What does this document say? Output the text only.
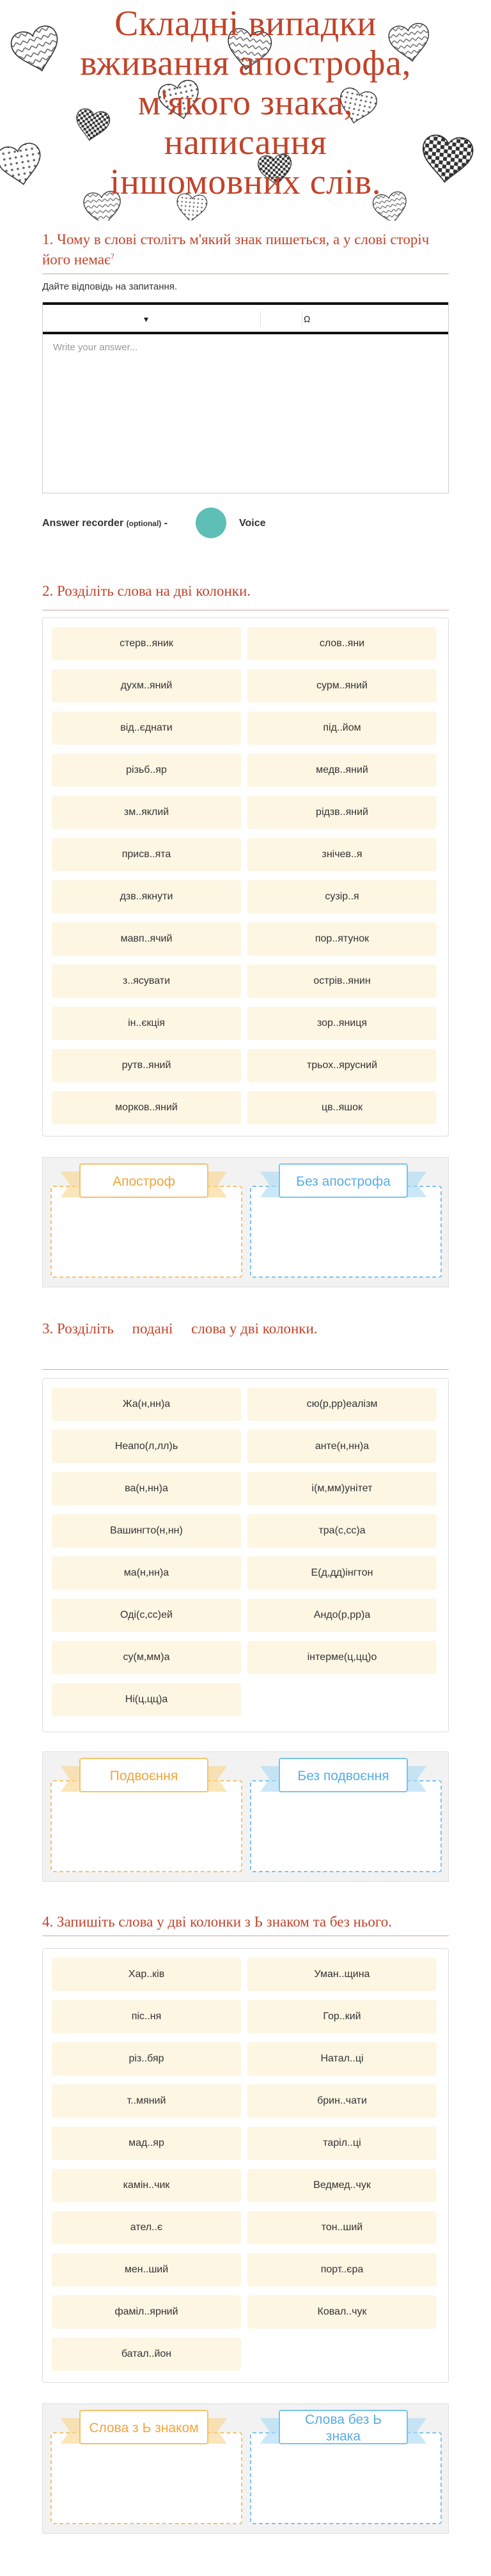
Складні випадки
вживання апострофа,
м'якого знака,
написання
іншомовних слів.
1. Чому в слові столітъ м'який знак пишеться, а у слові сторіч його немає?
Дайте відповідь на запитання.
▾	Ω
Write your answer...
Answer recorder (optional) -	Voice
2. Розділіть слова на дві колонки.
стерв..яник	слов..яни
духм..яний	сурм..яний
від..єднати	під..йом
різьб..яр	медв..яний
зм..яклий	рідзв..яний
присв..ята	знічев..я
дзв..якнути	сузір..я
мавп..ячий	пор..ятунок
з..ясувати	острів..янин
ін..єкція	зор..яниця
рутв..яний	трьох..ярусний
морков..яний	цв..яшок
Апостроф	Без апострофа
3. Розділіть     подані     слова у дві колонки.
Жа(н,нн)а	сю(р,рр)еалізм
Неапо(л,лл)ь	анте(н,нн)а
ва(н,нн)а	і(м,мм)унітет
Вашингто(н,нн)	тра(с,сс)а
ма(н,нн)а	Е(д,дд)інгтон
Оді(с,сс)ей	Андо(р,рр)а
су(м,мм)а	інтерме(ц,цц)о
Ні(ц,цц)а
Подвоєння	Без подвоєння
4. Запишіть слова у дві колонки з Ь знаком та без нього.
Хар..ків	Уман..щина
піс..ня	Гор..кий
різ..бяр	Натал..ці
т..мяний	брин..чати
мад..яр	таріл..ці
камін..чик	Ведмед..чук
ател..є	тон..ший
мен..ший	порт..єра
фаміл..ярний	Ковал..чук
батал..йон
Слова з Ь знаком
Слова без Ь знака
